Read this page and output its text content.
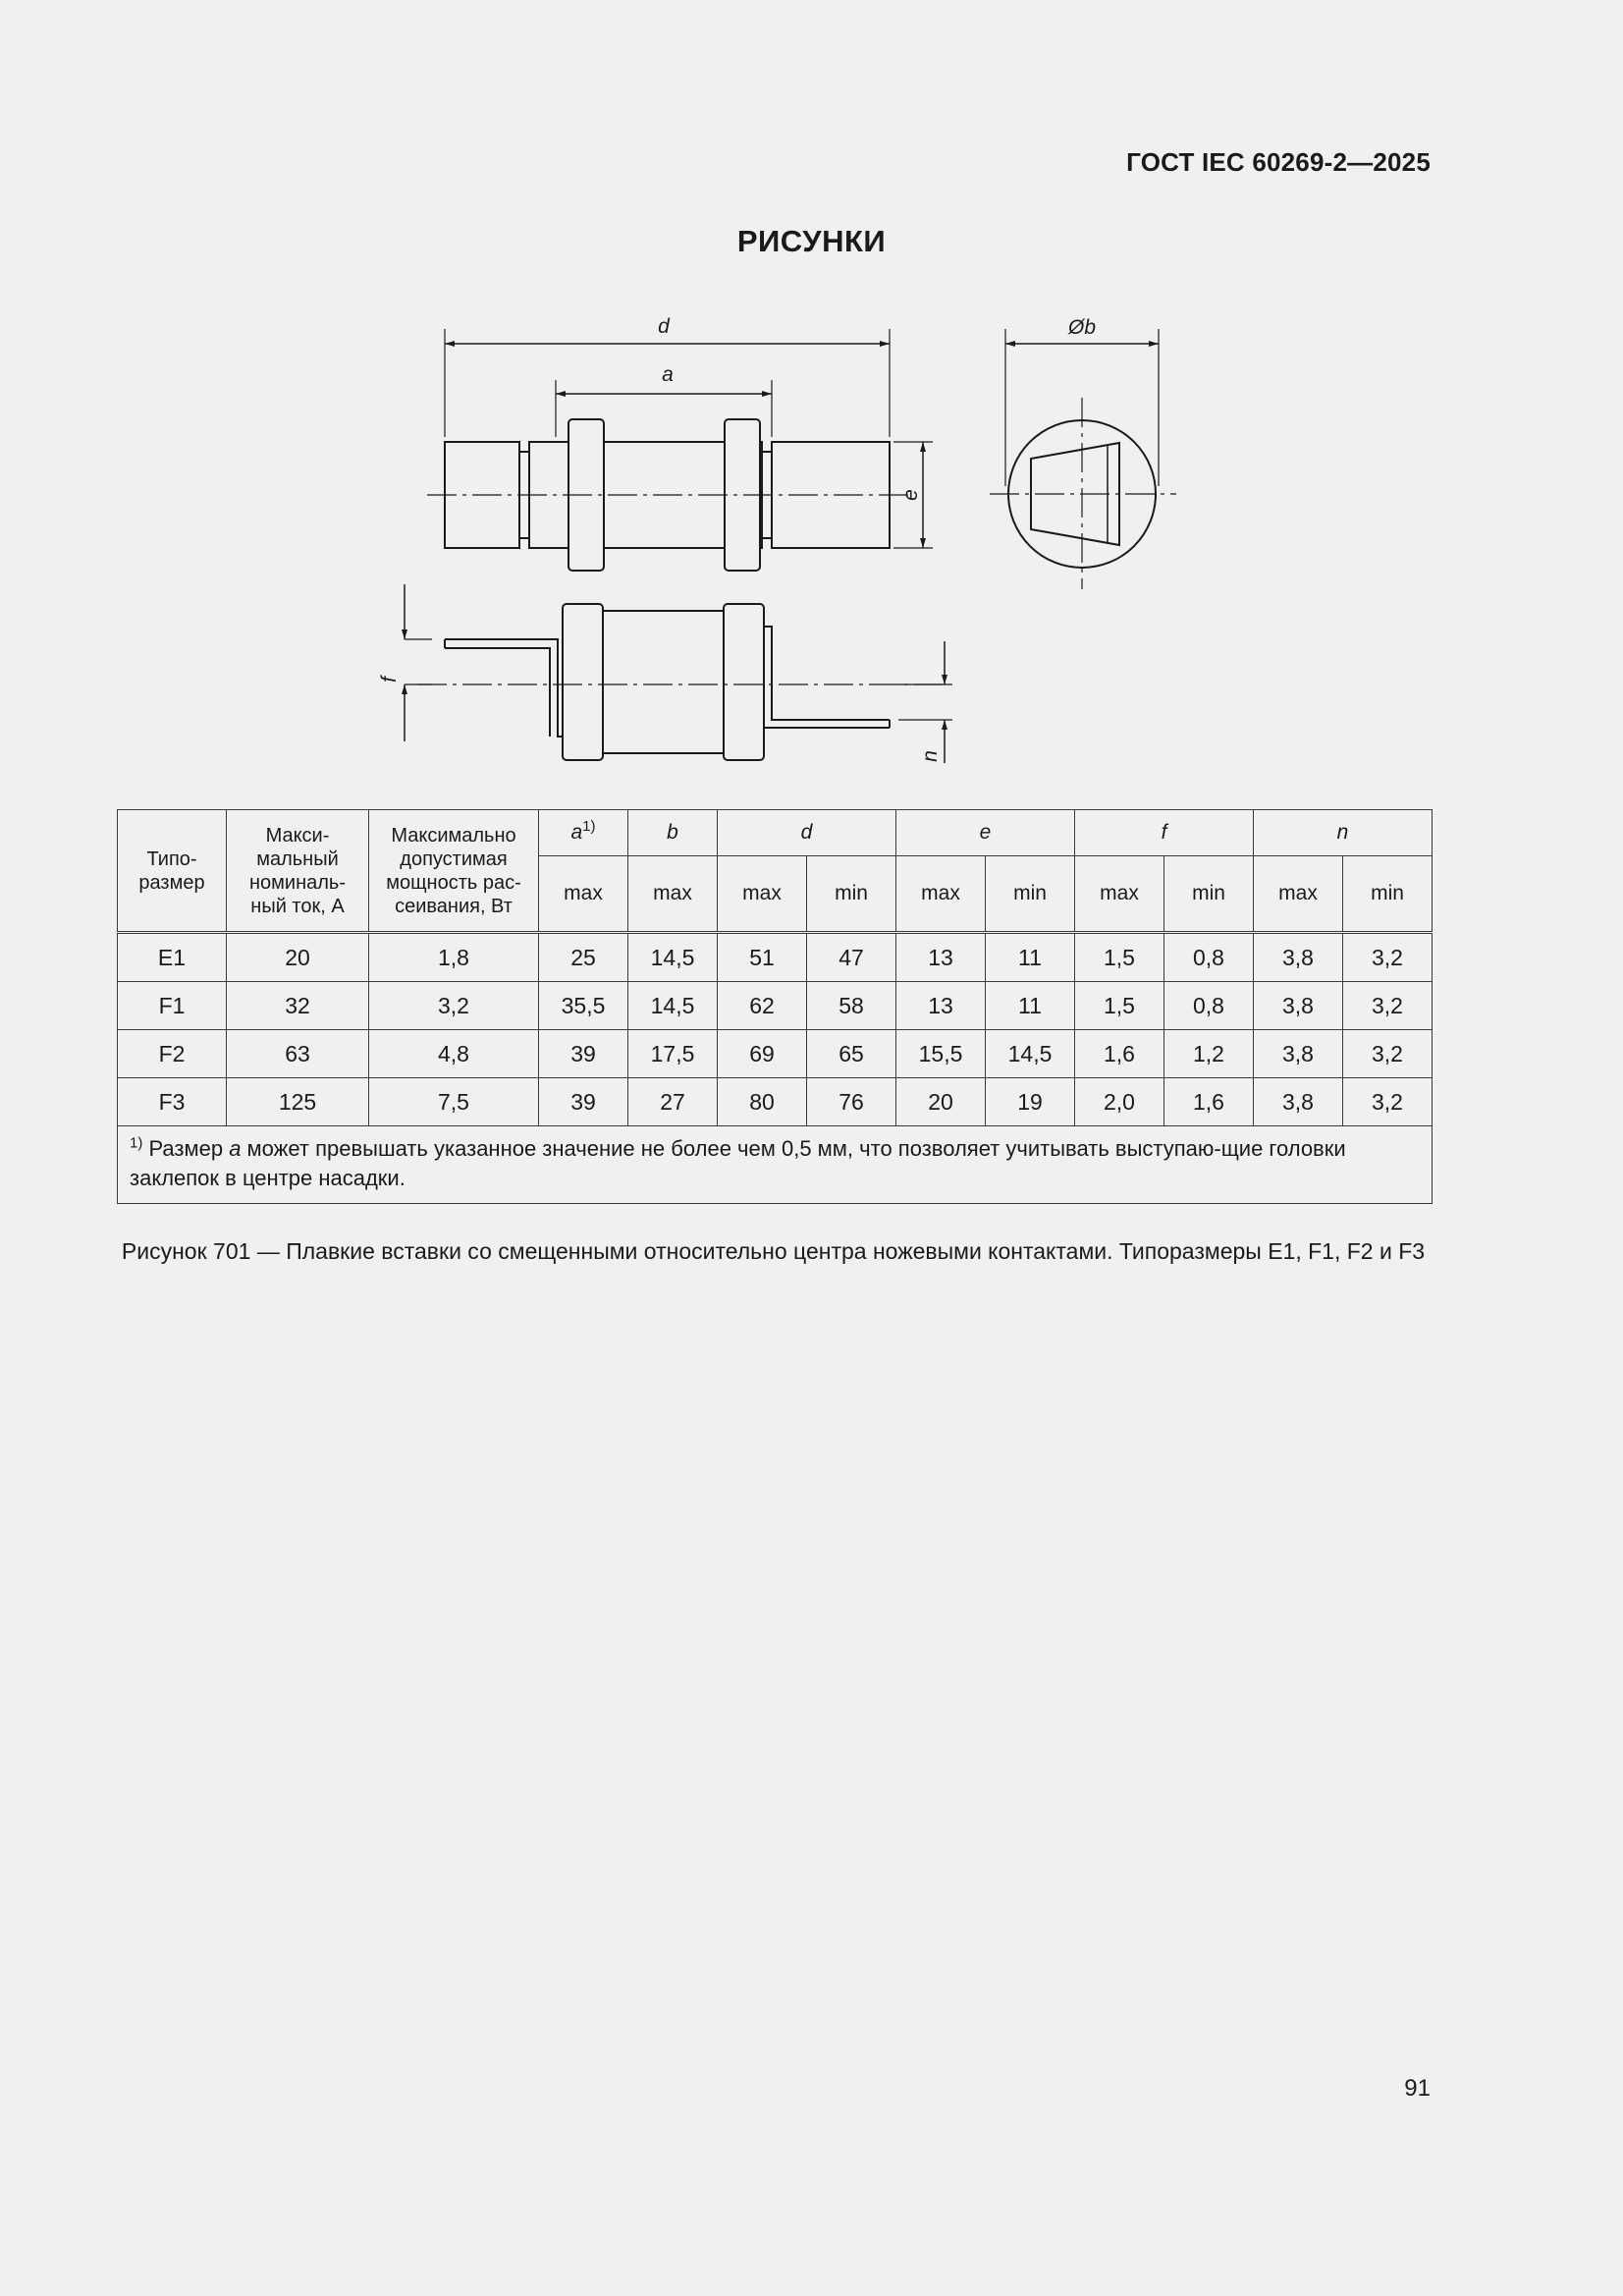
ГОСТ IEC 60269-2—2025
РИСУНКИ
d
a
Øb
e
f
n
Типо-
размер	Макси-
мальный
номиналь-
ный ток, А	Максимально
допустимая
мощность рас-
сеивания, Вт	$a^{1)}$	b	d		e		f		n	
			max	max	max	min	max	min	max	min	max	min
E1	20	1,8	25	14,5	51	47	13	11	1,5	0,8	3,8	3,2
F1	32	3,2	35,5	14,5	62	58	13	11	1,5	0,8	3,8	3,2
F2	63	4,8	39	17,5	69	65	15,5	14,5	1,6	1,2	3,8	3,2
F3	125	7,5	39	27	80	76	20	19	2,0	1,6	3,8	3,2
$^{1)}$ Размер a может превышать указанное значение не более чем 0,5 мм, что позволяет учитывать выступаю-щие головки заклепок в центре насадки.												
Рисунок 701 — Плавкие вставки со смещенными относительно центра ножевыми контактами. Типоразмеры E1, F1, F2 и F3
91
